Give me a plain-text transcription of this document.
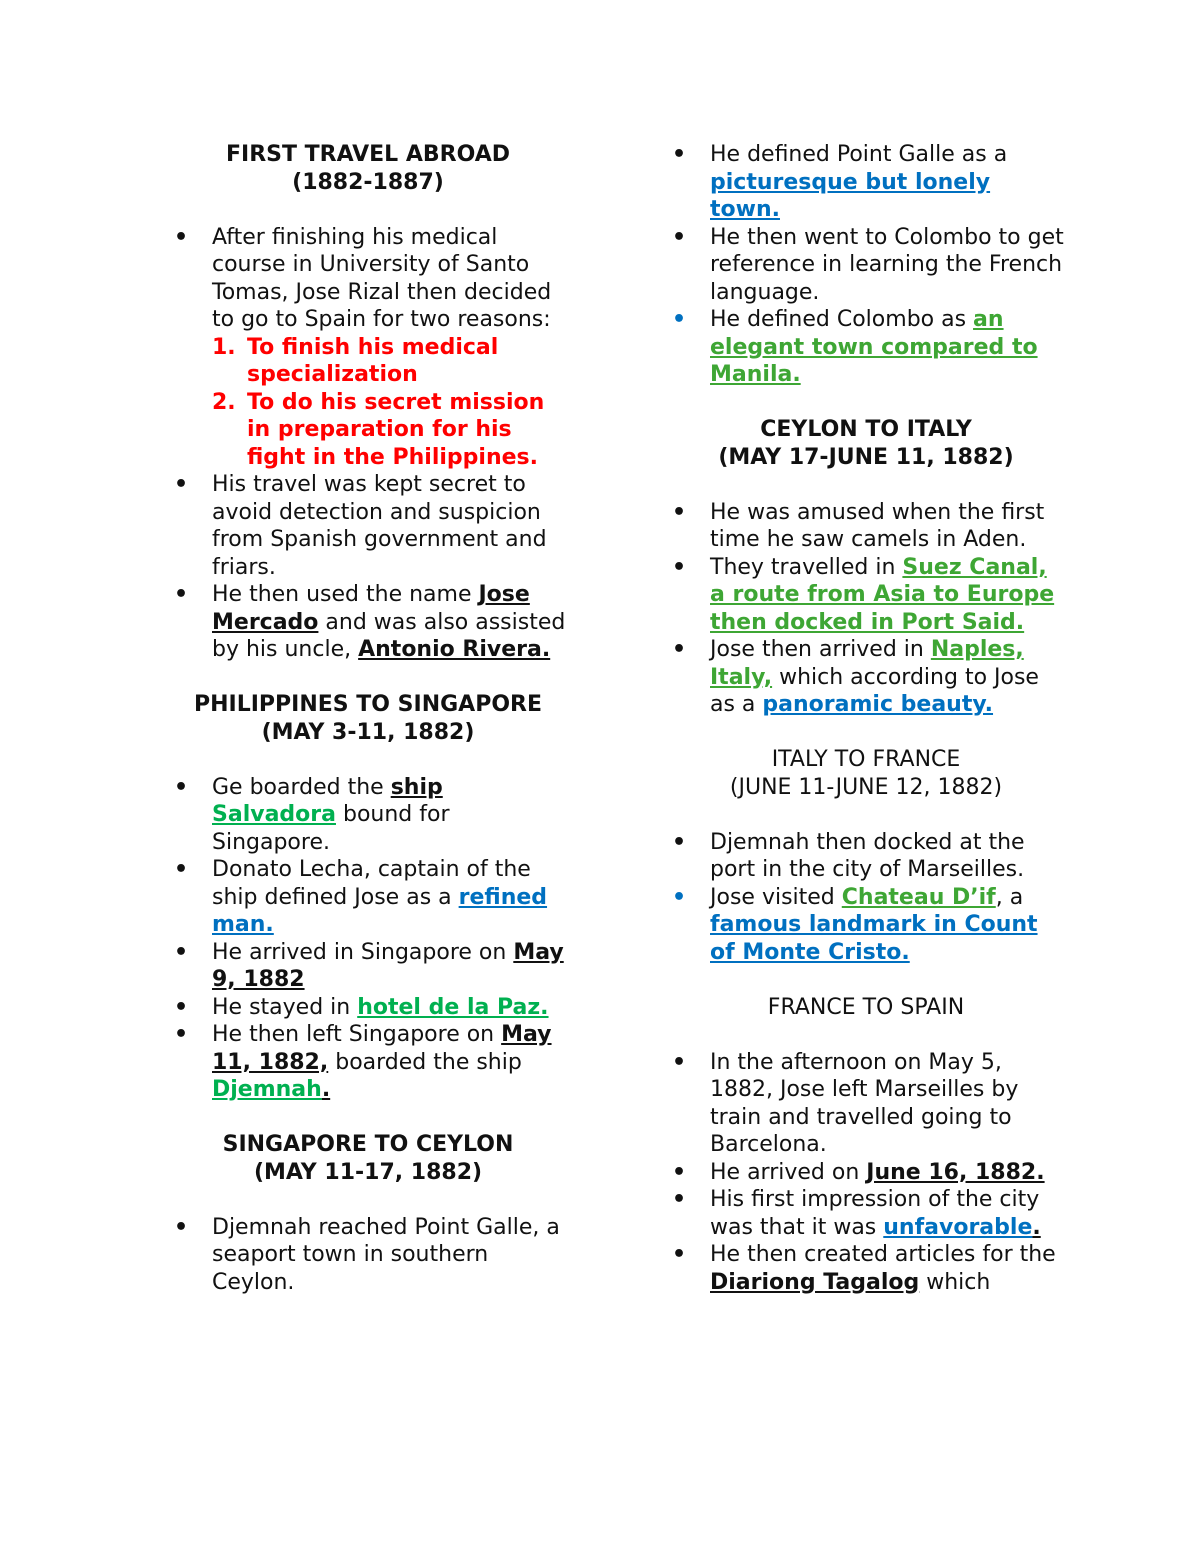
FIRST TRAVEL ABROAD

(1882-1887)

• After finishing his medical course in University of Santo Tomas, Jose Rizal then decided to go to Spain for two reasons:
1. To finish his medical specialization
2. To do his secret mission in preparation for his fight in the Philippines.
• His travel was kept secret to avoid detection and suspicion from Spanish government and friars.
• He then used the name Jose Mercado and was also assisted by his uncle, Antonio Rivera.

PHILIPPINES TO SINGAPORE

(MAY 3-11, 1882)

• Ge boarded the ship Salvadora bound for Singapore.
• Donato Lecha, captain of the ship defined Jose as a refined man.
• He arrived in Singapore on May 9, 1882
• He stayed in hotel de la Paz.
• He then left Singapore on May 11, 1882, boarded the ship Djemnah.

SINGAPORE TO CEYLON

(MAY 11-17, 1882)

• Djemnah reached Point Galle, a seaport town in southern Ceylon.
• He defined Point Galle as a picturesque but lonely town.
• He then went to Colombo to get reference in learning the French language.
• He defined Colombo as an elegant town compared to Manila.

CEYLON TO ITALY

(MAY 17-JUNE 11, 1882)

• He was amused when the first time he saw camels in Aden.
• They travelled in Suez Canal, a route from Asia to Europe then docked in Port Said.
• Jose then arrived in Naples, Italy, which according to Jose as a panoramic beauty.

ITALY TO FRANCE

(JUNE 11-JUNE 12, 1882)

• Djemnah then docked at the port in the city of Marseilles.
• Jose visited Chateau D’if, a famous landmark in Count of Monte Cristo.

FRANCE TO SPAIN

• In the afternoon on May 5, 1882, Jose left Marseilles by train and travelled going to Barcelona.
• He arrived on June 16, 1882.
• His first impression of the city was that it was unfavorable.
• He then created articles for the Diariong Tagalog which
